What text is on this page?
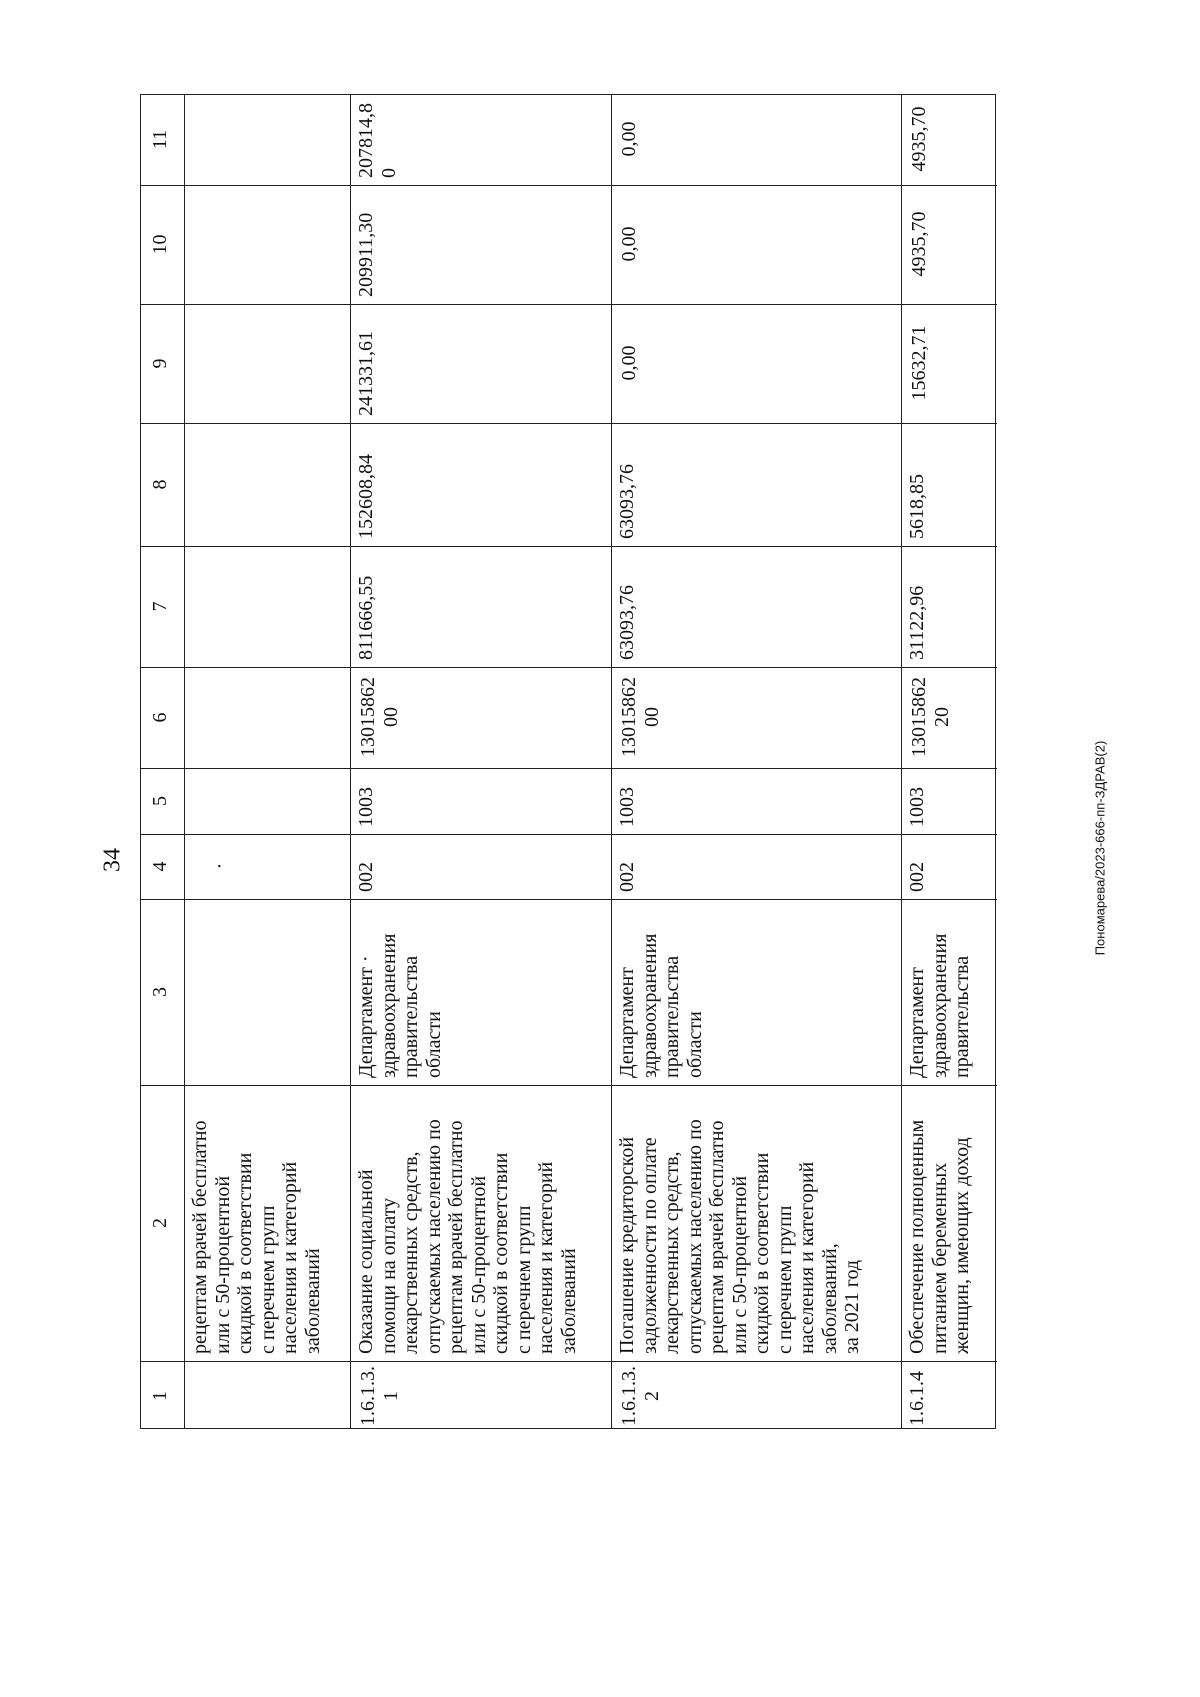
34	Пономарева/2023-666-пп-ЗДРАВ(2)
11
10
9
8
7
6
5
4
3
2
1
·
рецептам врачей бесплатно
или с 50-процентной
скидкой в соответствии
с перечнем групп
населения и категорий
заболеваний
207814,8
0
209911,30
241331,61
152608,84
811666,55
13015862
00
1003
002
Департамент ·
здравоохранения
правительства
области
Оказание социальной
помощи на оплату
лекарственных средств,
отпускаемых населению по
рецептам врачей бесплатно
или с 50-процентной
скидкой в соответствии
с перечнем групп
населения и категорий
заболеваний
1.6.1.3.
1
0,00
0,00
0,00
63093,76
63093,76
13015862
00
1003
002
Департамент
здравоохранения
правительства
области
Погашение кредиторской
задолженности по оплате
лекарственных средств,
отпускаемых населению по
рецептам врачей бесплатно
или с 50-процентной
скидкой в соответствии
с перечнем групп
населения и категорий
заболеваний,
за 2021 год
1.6.1.3.
2
4935,70
4935,70
15632,71
5618,85
31122,96
13015862
20
1003
002
Департамент
здравоохранения
правительства
Обеспечение полноценным
питанием беременных
женщин, имеющих доход
1.6.1.4
